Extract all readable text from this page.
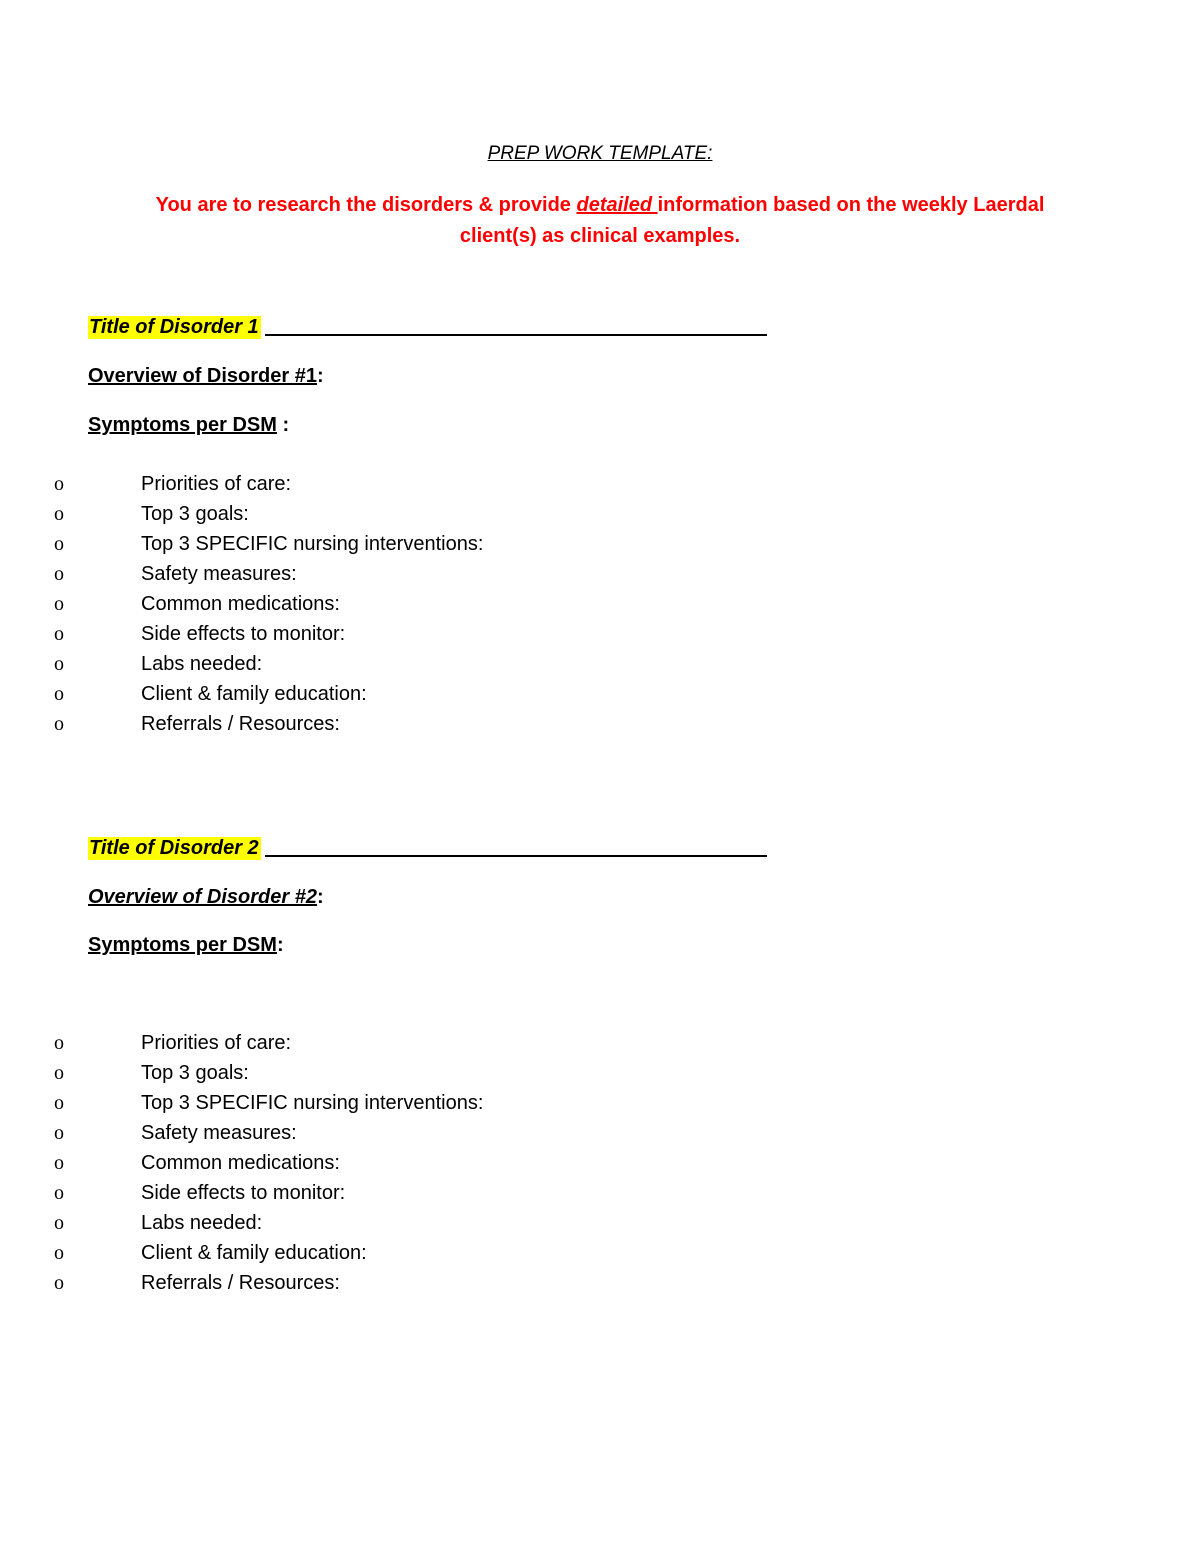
PREP WORK TEMPLATE:
You are to research the disorders & provide detailed information based on the weekly Laerdal client(s) as clinical examples.
Title of Disorder 1
Overview of Disorder #1:
Symptoms per DSM :
o	Priorities of care:
o	Top 3 goals:
o	Top 3 SPECIFIC nursing interventions:
o	Safety measures:
o	Common medications:
o	Side effects to monitor:
o	Labs needed:
o	Client & family education:
o	Referrals / Resources:
Title of Disorder 2
Overview of Disorder #2:
Symptoms per DSM:
o	Priorities of care:
o	Top 3 goals:
o	Top 3 SPECIFIC nursing interventions:
o	Safety measures:
o	Common medications:
o	Side effects to monitor:
o	Labs needed:
o	Client & family education:
o	Referrals / Resources:
